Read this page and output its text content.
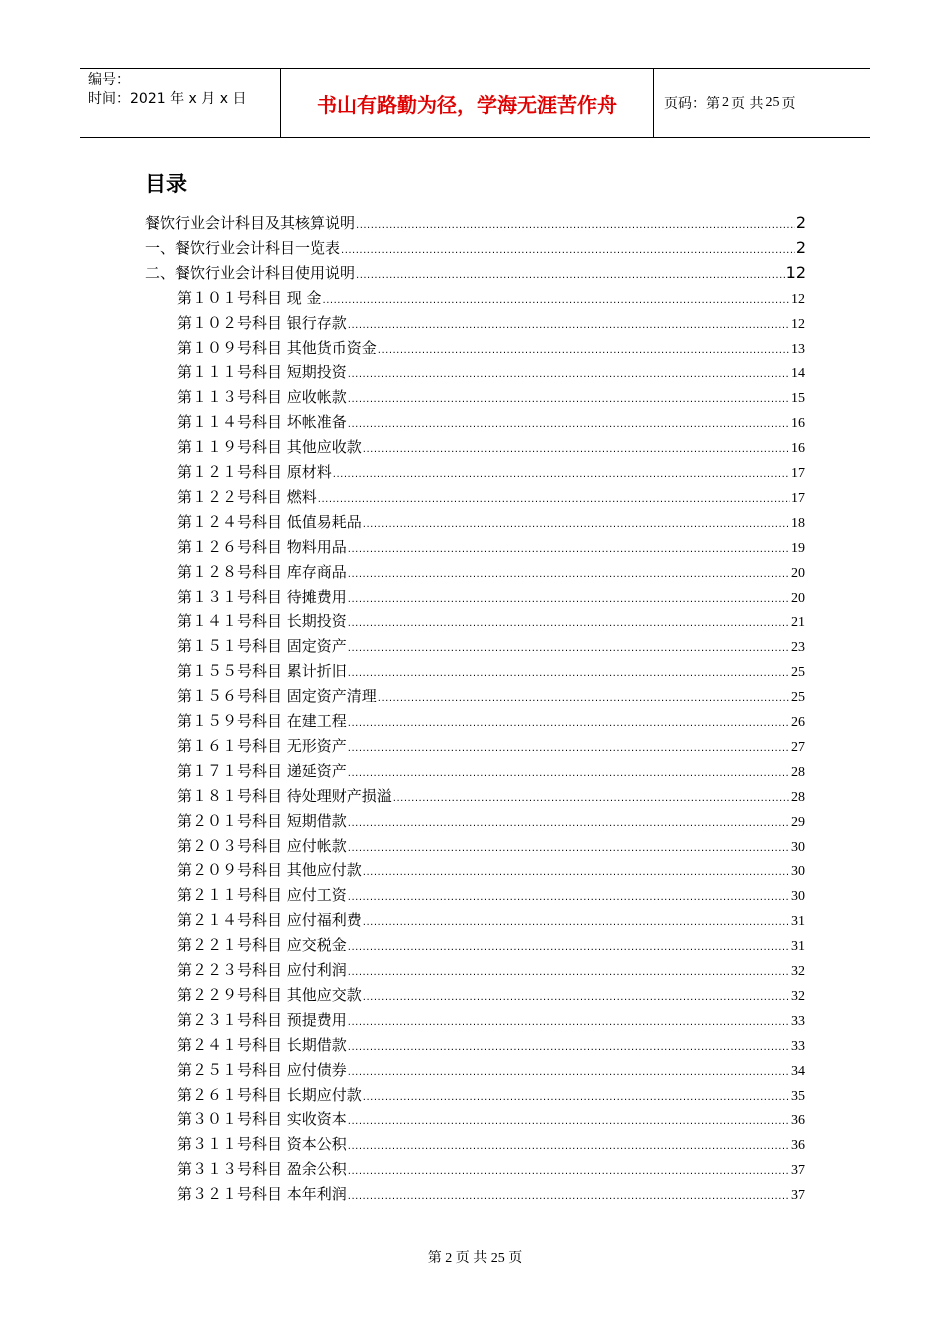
编号：
时间：2021 年 x 月 x 日	书山有路勤为径，学海无涯苦作舟	页码：第 2 页 共 25 页
目录
餐饮行业会计科目及其核算说明 .....	2
一、餐饮行业会计科目一览表 .....	2
二、餐饮行业会计科目使用说明 .....	12
第１０１号科目 现 金 .....	12
第１０２号科目 银行存款 .....	12
第１０９号科目 其他货币资金 .....	13
第１１１号科目 短期投资 .....	14
第１１３号科目 应收帐款 .....	15
第１１４号科目 坏帐准备 .....	16
第１１９号科目 其他应收款 .....	16
第１２１号科目 原材料 .....	17
第１２２号科目 燃料 .....	17
第１２４号科目 低值易耗品 .....	18
第１２６号科目 物料用品 .....	19
第１２８号科目 库存商品 .....	20
第１３１号科目 待摊费用 .....	20
第１４１号科目 长期投资 .....	21
第１５１号科目 固定资产 .....	23
第１５５号科目 累计折旧 .....	25
第１５６号科目 固定资产清理 .....	25
第１５９号科目 在建工程 .....	26
第１６１号科目 无形资产 .....	27
第１７１号科目 递延资产 .....	28
第１８１号科目 待处理财产损溢 .....	28
第２０１号科目 短期借款 .....	29
第２０３号科目 应付帐款 .....	30
第２０９号科目 其他应付款 .....	30
第２１１号科目 应付工资 .....	30
第２１４号科目 应付福利费 .....	31
第２２１号科目 应交税金 .....	31
第２２３号科目 应付利润 .....	32
第２２９号科目 其他应交款 .....	32
第２３１号科目 预提费用 .....	33
第２４１号科目 长期借款 .....	33
第２５１号科目 应付债券 .....	34
第２６１号科目 长期应付款 .....	35
第３０１号科目 实收资本 .....	36
第３１１号科目 资本公积 .....	36
第３１３号科目 盈余公积 .....	37
第３２１号科目 本年利润 .....	37
第 2 页 共 25 页
